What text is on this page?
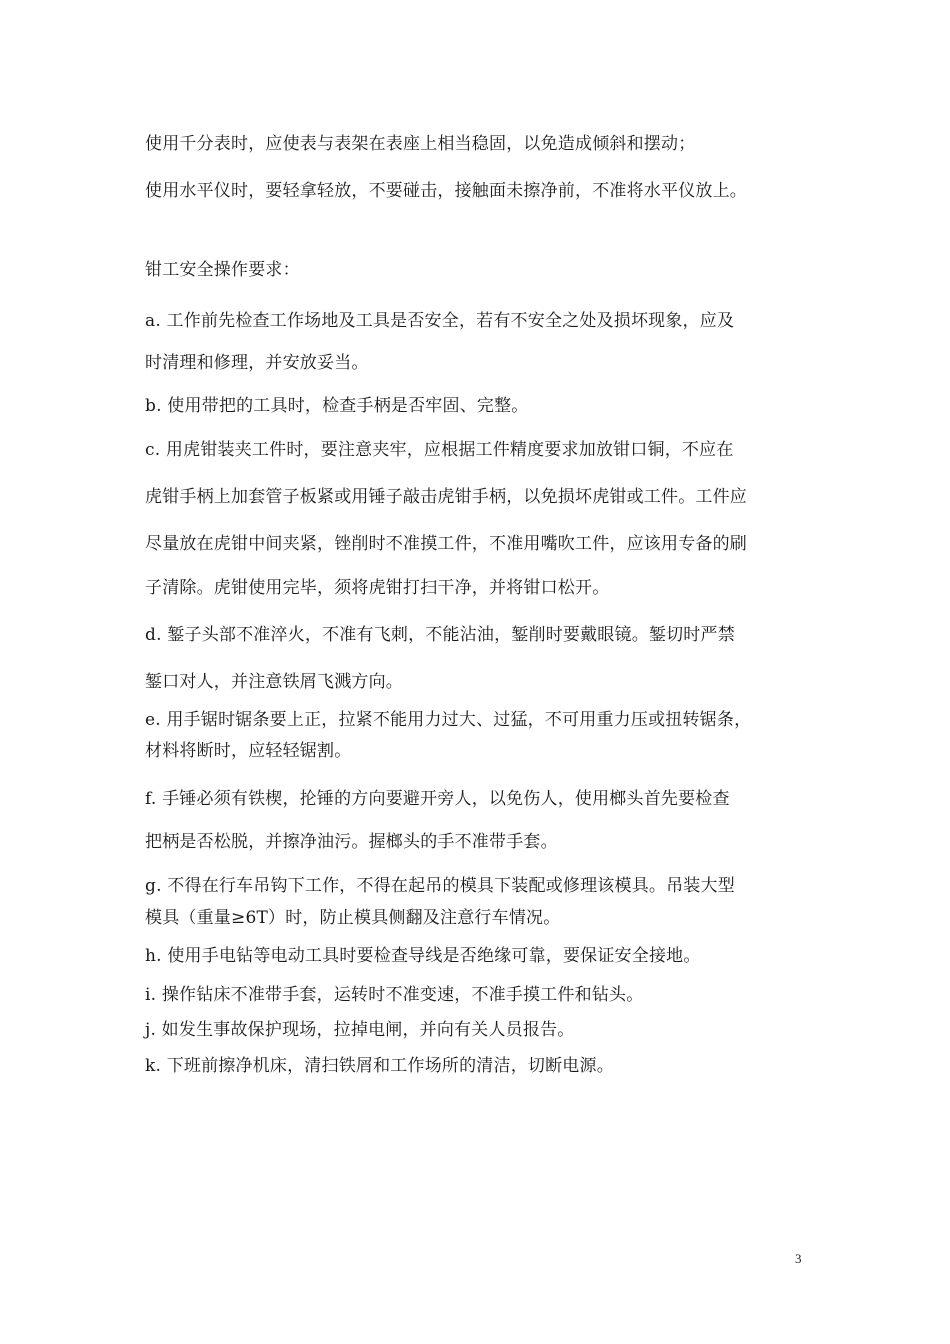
使用千分表时，应使表与表架在表座上相当稳固，以免造成倾斜和摆动；
使用水平仪时，要轻拿轻放，不要碰击，接触面未擦净前，不准将水平仪放上。
钳工安全操作要求：
a. 工作前先检查工作场地及工具是否安全，若有不安全之处及损坏现象，应及
时清理和修理，并安放妥当。
b. 使用带把的工具时，检查手柄是否牢固、完整。
c. 用虎钳装夹工件时，要注意夹牢，应根据工件精度要求加放钳口铜，不应在
虎钳手柄上加套管子板紧或用锤子敲击虎钳手柄，以免损坏虎钳或工件。工件应
尽量放在虎钳中间夹紧，锉削时不准摸工件，不准用嘴吹工件，应该用专备的刷
子清除。虎钳使用完毕，须将虎钳打扫干净，并将钳口松开。
d. 錾子头部不准淬火，不准有飞刺，不能沾油，錾削时要戴眼镜。錾切时严禁
錾口对人，并注意铁屑飞溅方向。
e. 用手锯时锯条要上正，拉紧不能用力过大、过猛，不可用重力压或扭转锯条，
材料将断时，应轻轻锯割。
f. 手锤必须有铁楔，抡锤的方向要避开旁人，以免伤人，使用榔头首先要检查
把柄是否松脱，并擦净油污。握榔头的手不准带手套。
g. 不得在行车吊钩下工作，不得在起吊的模具下装配或修理该模具。吊装大型
模具（重量≥6T）时，防止模具侧翻及注意行车情况。
h. 使用手电钻等电动工具时要检查导线是否绝缘可靠，要保证安全接地。
i. 操作钻床不准带手套，运转时不准变速，不准手摸工件和钻头。
j. 如发生事故保护现场，拉掉电闸，并向有关人员报告。
k. 下班前擦净机床，清扫铁屑和工作场所的清洁，切断电源。
3
